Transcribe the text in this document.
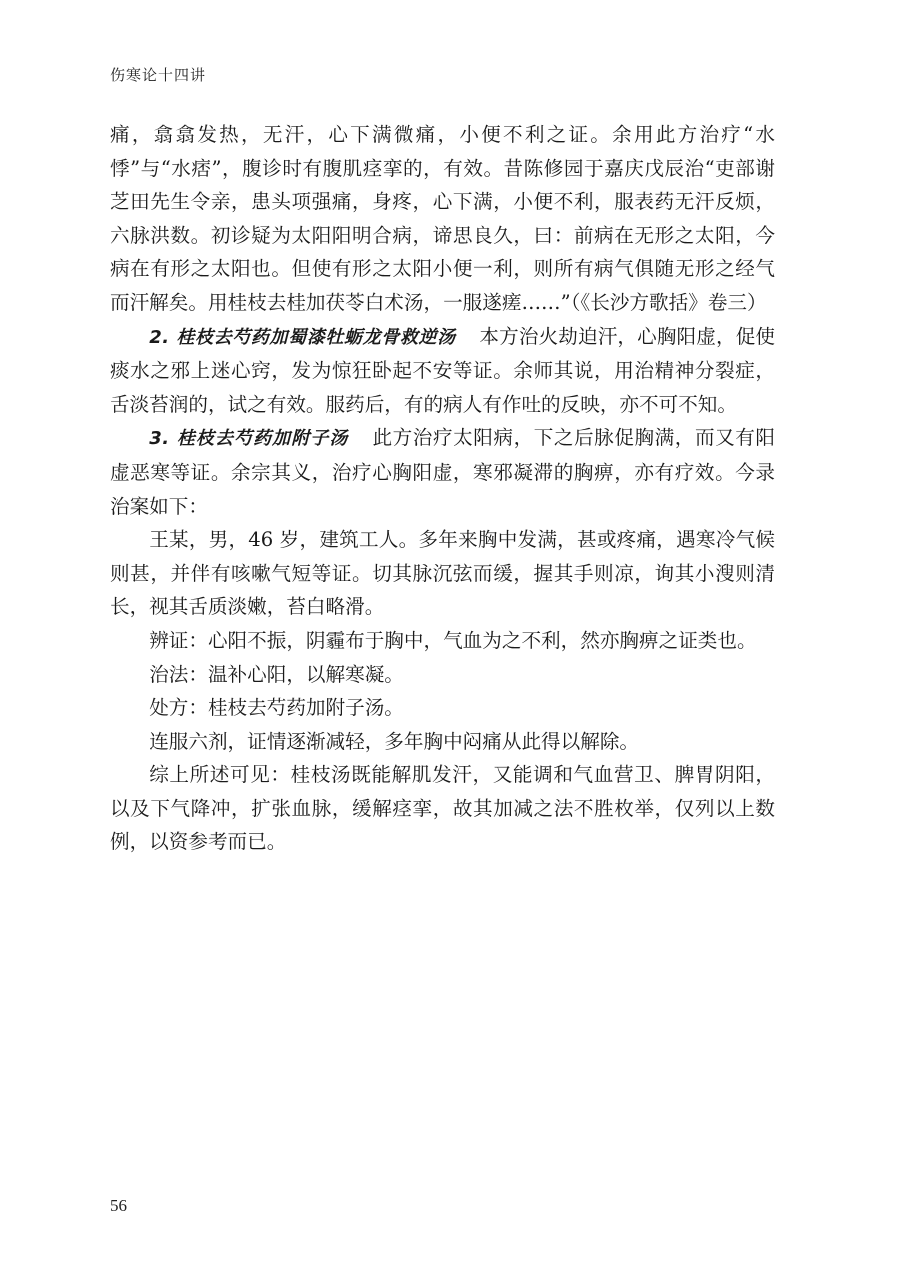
伤寒论十四讲

痛，翕翕发热，无汗，心下满微痛，小便不利之证。余用此方治疗“水悸”与“水痞”，腹诊时有腹肌痉挛的，有效。昔陈修园于嘉庆戊辰治“吏部谢芝田先生令亲，患头项强痛，身疼，心下满，小便不利，服表药无汗反烦，六脉洪数。初诊疑为太阳阳明合病，谛思良久，曰：前病在无形之太阳，今病在有形之太阳也。但使有形之太阳小便一利，则所有病气俱随无形之经气而汗解矣。用桂枝去桂加茯苓白术汤，一服遂瘥……”（《长沙方歌括》卷三）

2. 桂枝去芍药加蜀漆牡蛎龙骨救逆汤 本方治火劫迫汗，心胸阳虚，促使痰水之邪上迷心窍，发为惊狂卧起不安等证。余师其说，用治精神分裂症，舌淡苔润的，试之有效。服药后，有的病人有作吐的反映，亦不可不知。

3. 桂枝去芍药加附子汤 此方治疗太阳病，下之后脉促胸满，而又有阳虚恶寒等证。余宗其义，治疗心胸阳虚，寒邪凝滞的胸痹，亦有疗效。今录治案如下：

王某，男，46 岁，建筑工人。多年来胸中发满，甚或疼痛，遇寒冷气候则甚，并伴有咳嗽气短等证。切其脉沉弦而缓，握其手则凉，询其小溲则清长，视其舌质淡嫩，苔白略滑。

辨证：心阳不振，阴霾布于胸中，气血为之不利，然亦胸痹之证类也。

治法：温补心阳，以解寒凝。

处方：桂枝去芍药加附子汤。

连服六剂，证情逐渐减轻，多年胸中闷痛从此得以解除。

综上所述可见：桂枝汤既能解肌发汗，又能调和气血营卫、脾胃阴阳，以及下气降冲，扩张血脉，缓解痉挛，故其加减之法不胜枚举，仅列以上数例，以资参考而已。

56
